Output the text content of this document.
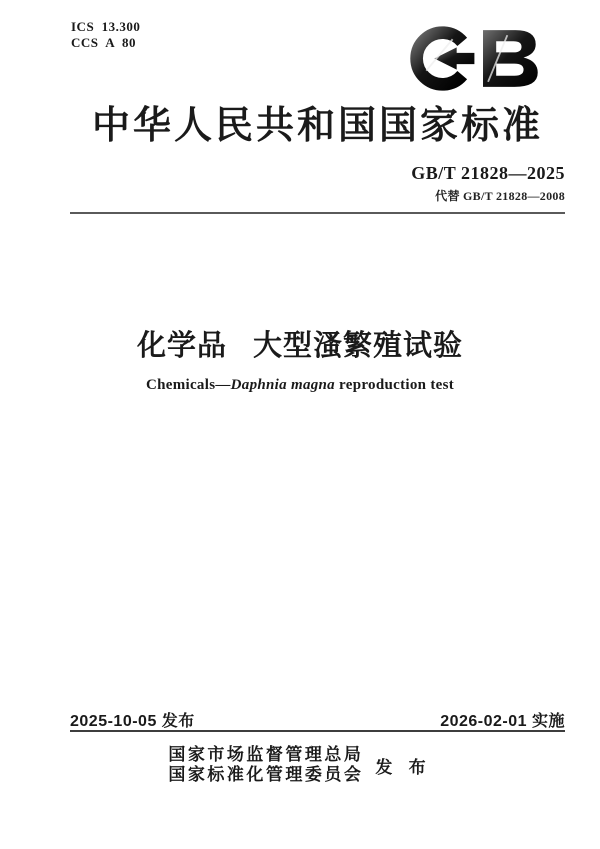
ICS  13.300
CCS  A  80
中华人民共和国国家标准
GB/T 21828—2025
代替 GB/T 21828—2008
化学品 大型溞繁殖试验
Chemicals—Daphnia magna reproduction test
2025-10-05 发布	2026-02-01 实施
国家市场监督管理总局
国家标准化管理委员会 发 布
